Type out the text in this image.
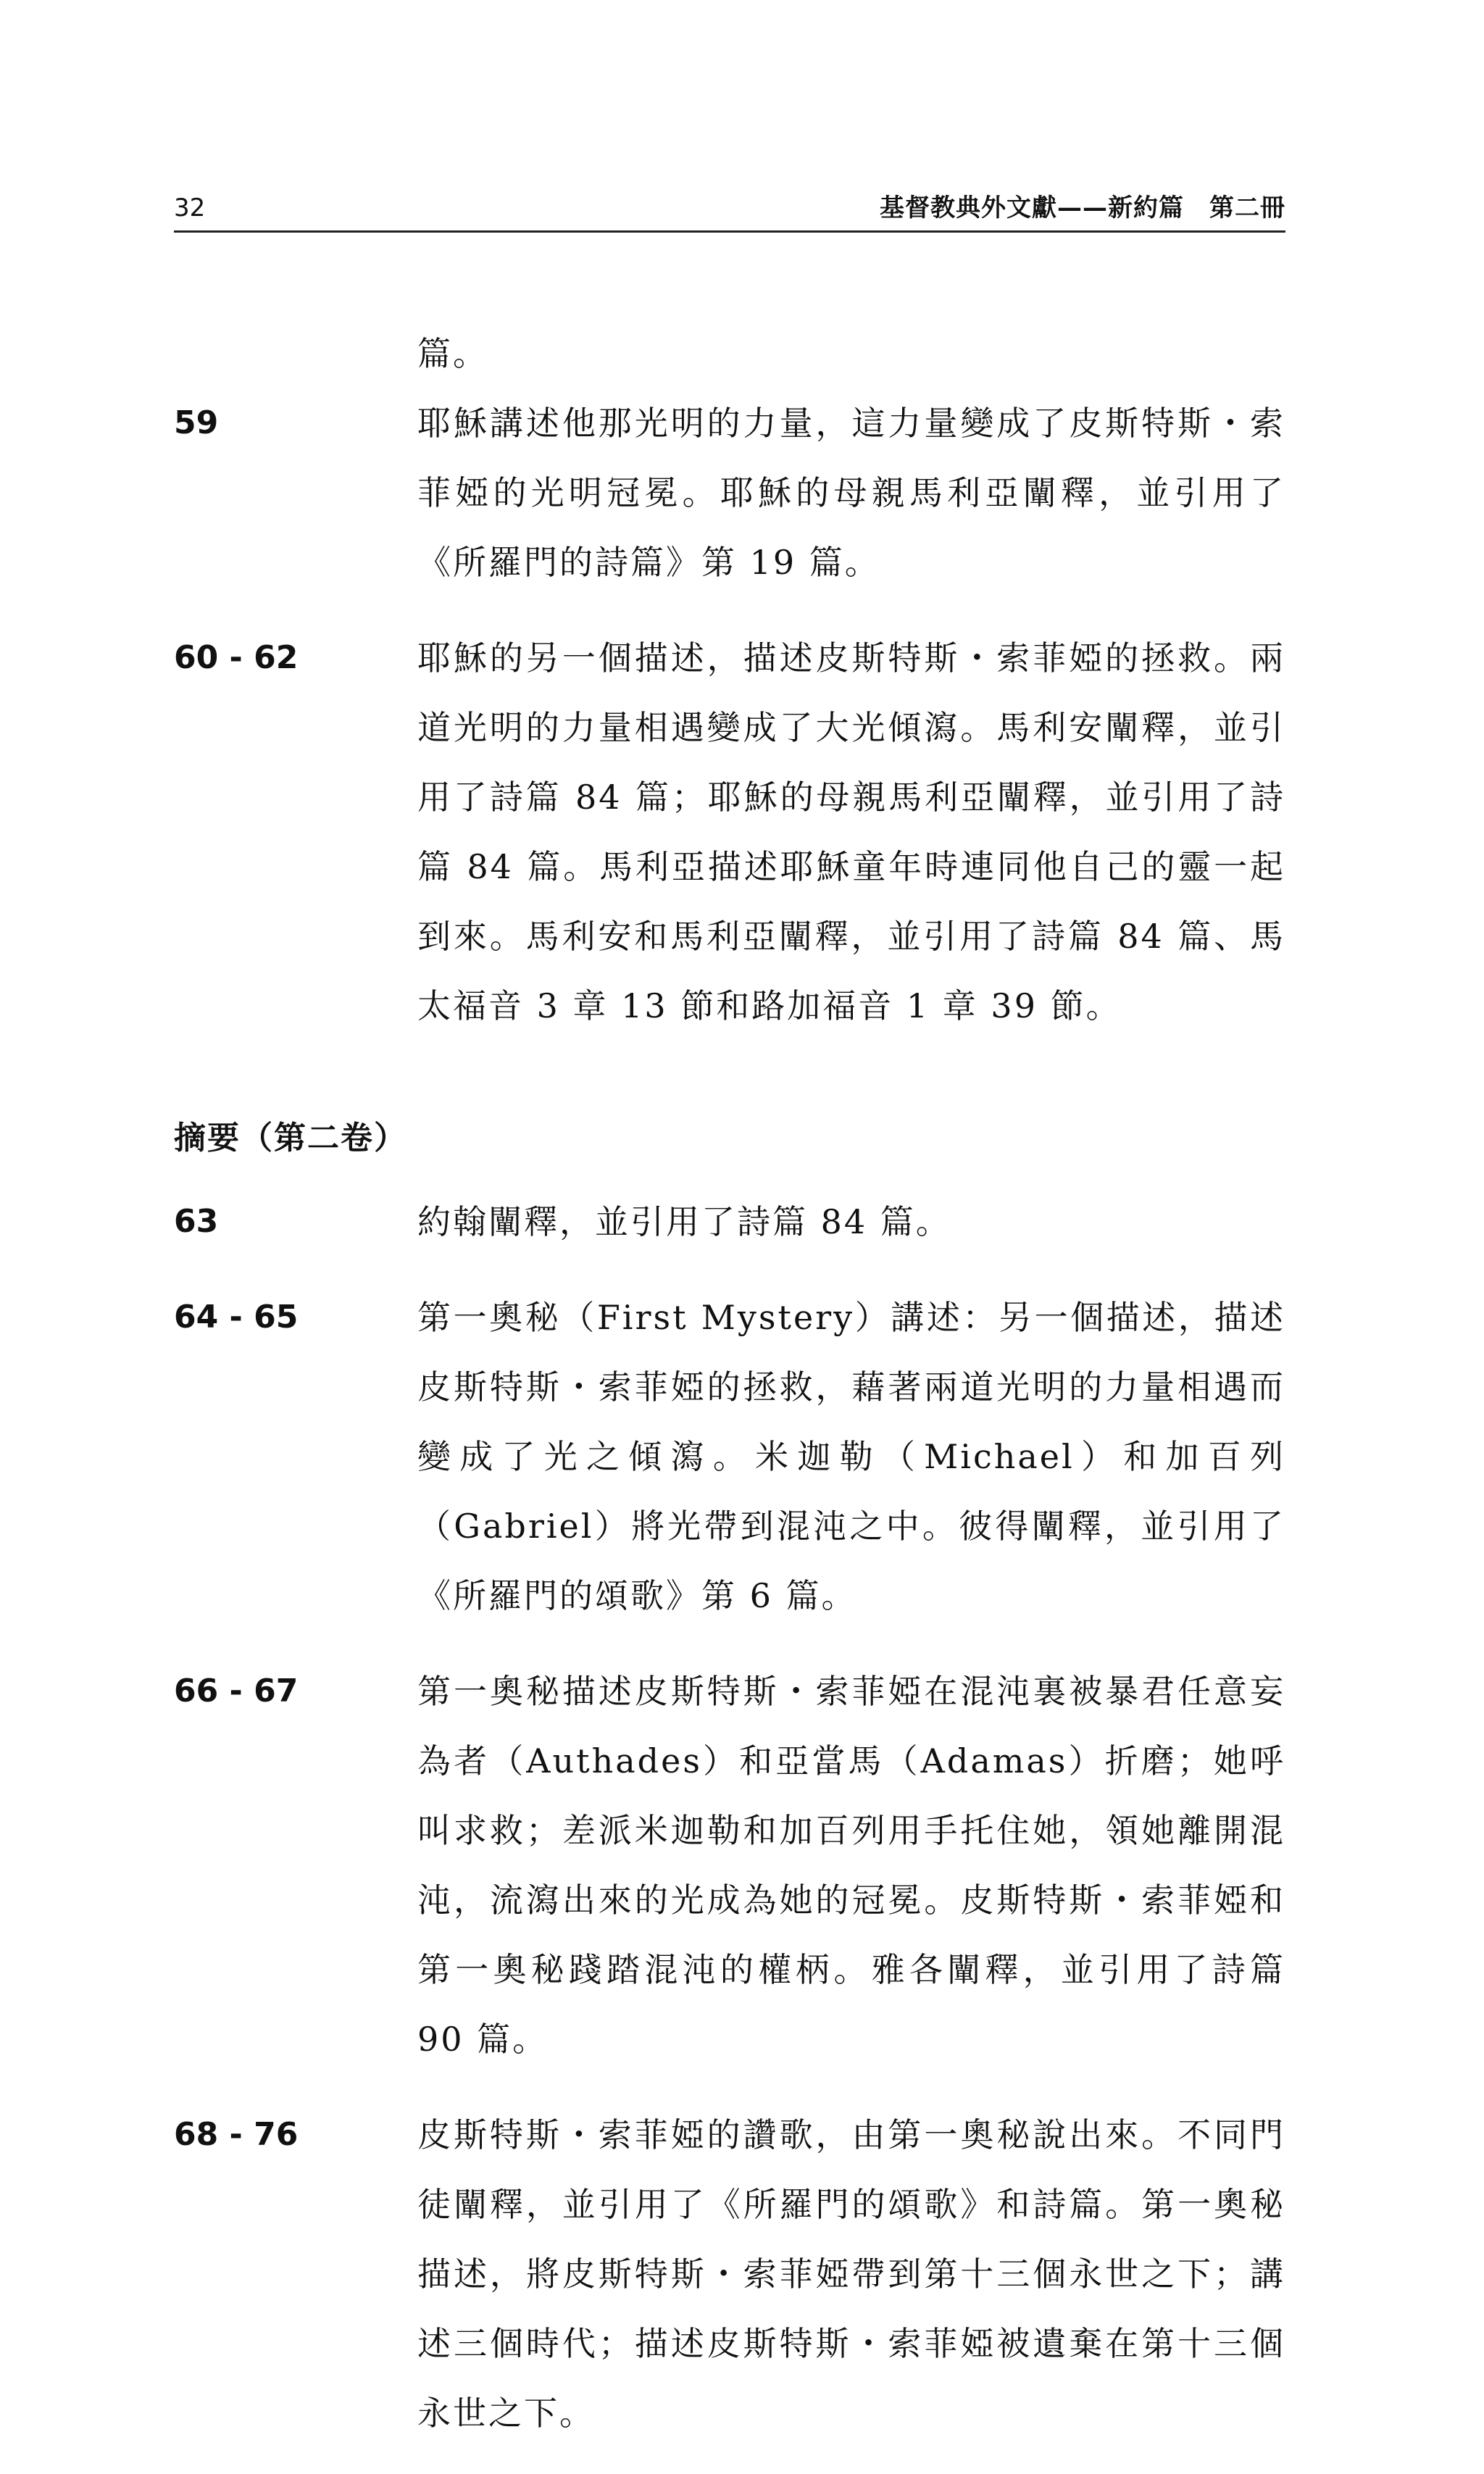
32	基督教典外文獻——新約篇　第二冊
篇。
59	耶穌講述他那光明的力量，這力量變成了皮斯特斯・索菲婭的光明冠冕。耶穌的母親馬利亞闡釋，並引用了《所羅門的詩篇》第 19 篇。
60 - 62	耶穌的另一個描述，描述皮斯特斯・索菲婭的拯救。兩道光明的力量相遇變成了大光傾瀉。馬利安闡釋，並引用了詩篇 84 篇；耶穌的母親馬利亞闡釋，並引用了詩篇 84 篇。馬利亞描述耶穌童年時連同他自己的靈一起到來。馬利安和馬利亞闡釋，並引用了詩篇 84 篇、馬太福音 3 章 13 節和路加福音 1 章 39 節。
摘要（第二卷）
63	約翰闡釋，並引用了詩篇 84 篇。
64 - 65	第一奧秘（First Mystery）講述：另一個描述，描述皮斯特斯・索菲婭的拯救，藉著兩道光明的力量相遇而變成了光之傾瀉。米迦勒（Michael）和加百列（Gabriel）將光帶到混沌之中。彼得闡釋，並引用了《所羅門的頌歌》第 6 篇。
66 - 67	第一奧秘描述皮斯特斯・索菲婭在混沌裏被暴君任意妄為者（Authades）和亞當馬（Adamas）折磨；她呼叫求救；差派米迦勒和加百列用手托住她，領她離開混沌，流瀉出來的光成為她的冠冕。皮斯特斯・索菲婭和第一奧秘踐踏混沌的權柄。雅各闡釋，並引用了詩篇 90 篇。
68 - 76	皮斯特斯・索菲婭的讚歌，由第一奧秘說出來。不同門徒闡釋，並引用了《所羅門的頌歌》和詩篇。第一奧秘描述，將皮斯特斯・索菲婭帶到第十三個永世之下；講述三個時代；描述皮斯特斯・索菲婭被遺棄在第十三個永世之下。
